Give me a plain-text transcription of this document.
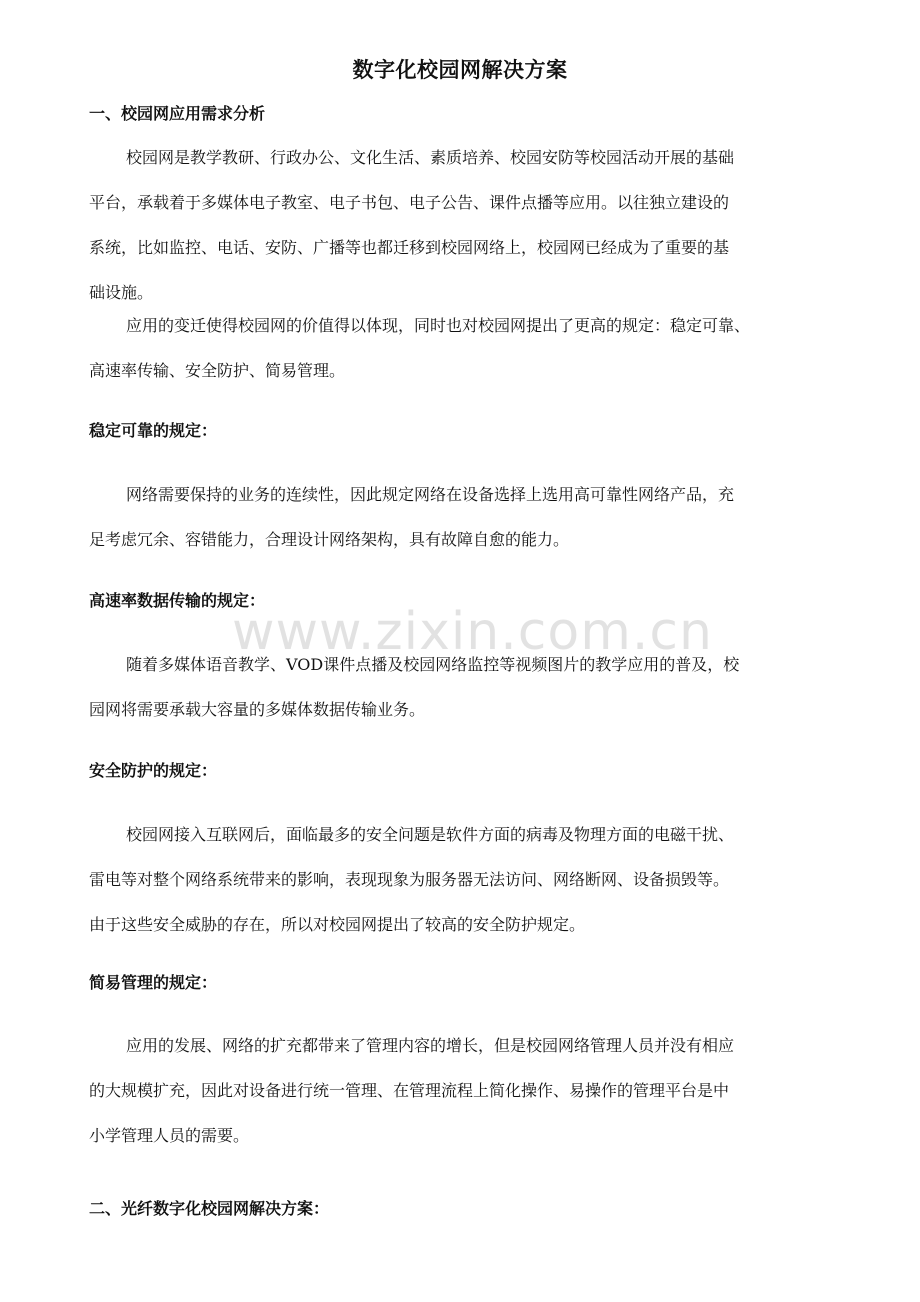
数字化校园网解决方案
一、校园网应用需求分析
校园网是教学教研、行政办公、文化生活、素质培养、校园安防等校园活动开展的基础
平台，承载着于多媒体电子教室、电子书包、电子公告、课件点播等应用。以往独立建设的
系统，比如监控、电话、安防、广播等也都迁移到校园网络上，校园网已经成为了重要的基
础设施。
应用的变迁使得校园网的价值得以体现，同时也对校园网提出了更高的规定：稳定可靠、
高速率传输、安全防护、简易管理。
稳定可靠的规定：
网络需要保持的业务的连续性，因此规定网络在设备选择上选用高可靠性网络产品，充
足考虑冗余、容错能力，合理设计网络架构，具有故障自愈的能力。
高速率数据传输的规定：
www.zixin.com.cn
随着多媒体语音教学、VOD课件点播及校园网络监控等视频图片的教学应用的普及，校
园网将需要承载大容量的多媒体数据传输业务。
安全防护的规定：
校园网接入互联网后，面临最多的安全问题是软件方面的病毒及物理方面的电磁干扰、
雷电等对整个网络系统带来的影响，表现现象为服务器无法访问、网络断网、设备损毁等。
由于这些安全威胁的存在，所以对校园网提出了较高的安全防护规定。
简易管理的规定：
应用的发展、网络的扩充都带来了管理内容的增长，但是校园网络管理人员并没有相应
的大规模扩充，因此对设备进行统一管理、在管理流程上简化操作、易操作的管理平台是中
小学管理人员的需要。
二、光纤数字化校园网解决方案：
